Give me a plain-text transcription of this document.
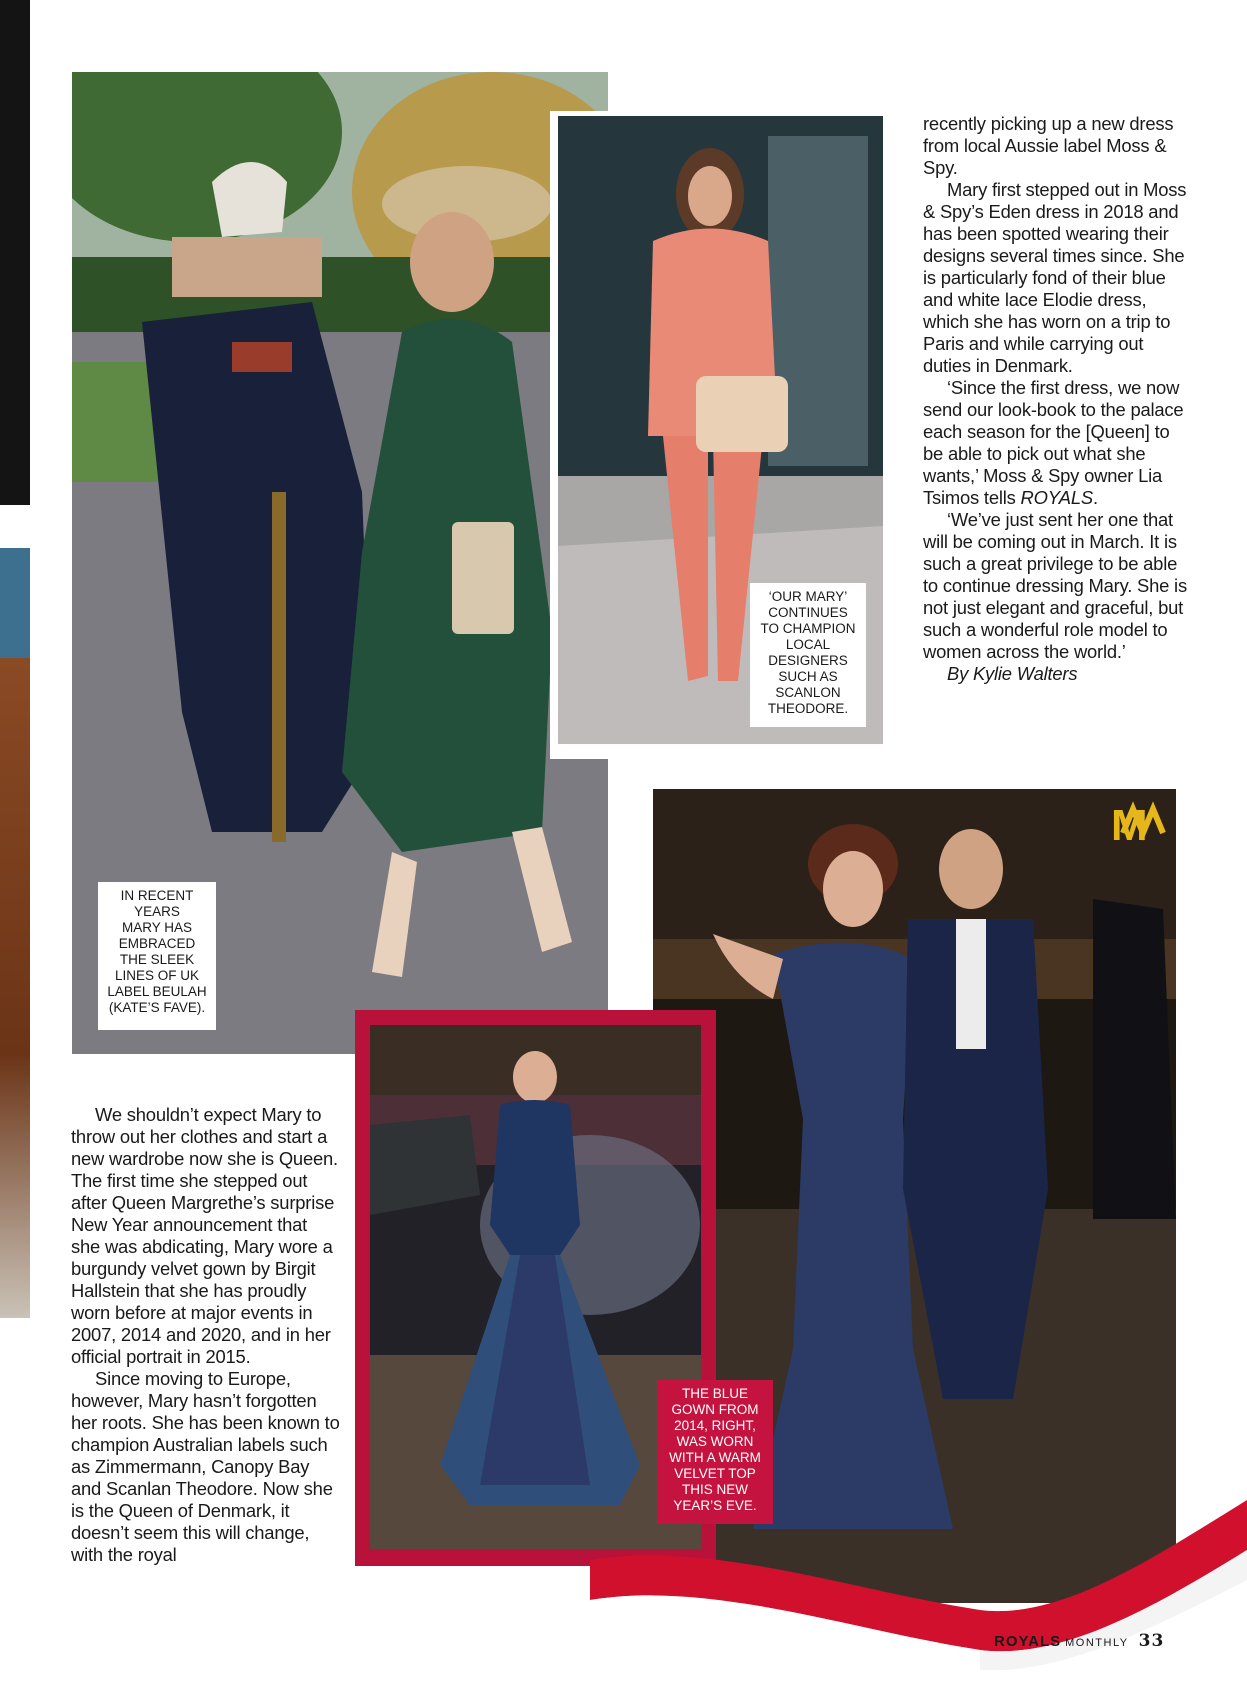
IN RECENT
YEARS
MARY HAS
EMBRACED
THE SLEEK
LINES OF UK
LABEL BEULAH
(KATE’S FAVE).
‘OUR MARY’
CONTINUES
TO CHAMPION
LOCAL
DESIGNERS
SUCH AS
SCANLON
THEODORE.

recently picking up a new dress from local Aussie label Moss & Spy.

Mary first stepped out in Moss & Spy’s Eden dress in 2018 and has been spotted wearing their designs several times since. She is particularly fond of their blue and white lace Elodie dress, which she has worn on a trip to Paris and while carrying out duties in Denmark.

‘Since the first dress, we now send our look-book to the palace each season for the [Queen] to be able to pick out what she wants,’ Moss & Spy owner Lia Tsimos tells ROYALS.

‘We’ve just sent her one that will be coming out in March. It is such a great privilege to be able to continue dressing Mary. She is not just elegant and graceful, but such a wonderful role model to women across the world.’

By Kylie Walters

M
THE BLUE
GOWN FROM
2014, RIGHT,
WAS WORN
WITH A WARM
VELVET TOP
THIS NEW
YEAR’S EVE.

We shouldn’t expect Mary to throw out her clothes and start a new wardrobe now she is Queen. The first time she stepped out after Queen Margrethe’s surprise New Year announcement that she was abdicating, Mary wore a burgundy velvet gown by Birgit Hallstein that she has proudly worn before at major events in 2007, 2014 and 2020, and in her official portrait in 2015.

Since moving to Europe, however, Mary hasn’t forgotten her roots. She has been known to champion Australian labels such as Zimmermann, Canopy Bay and Scanlan Theodore. Now she is the Queen of Denmark, it doesn’t seem this will change, with the royal

ROYALS MONTHLY 33
